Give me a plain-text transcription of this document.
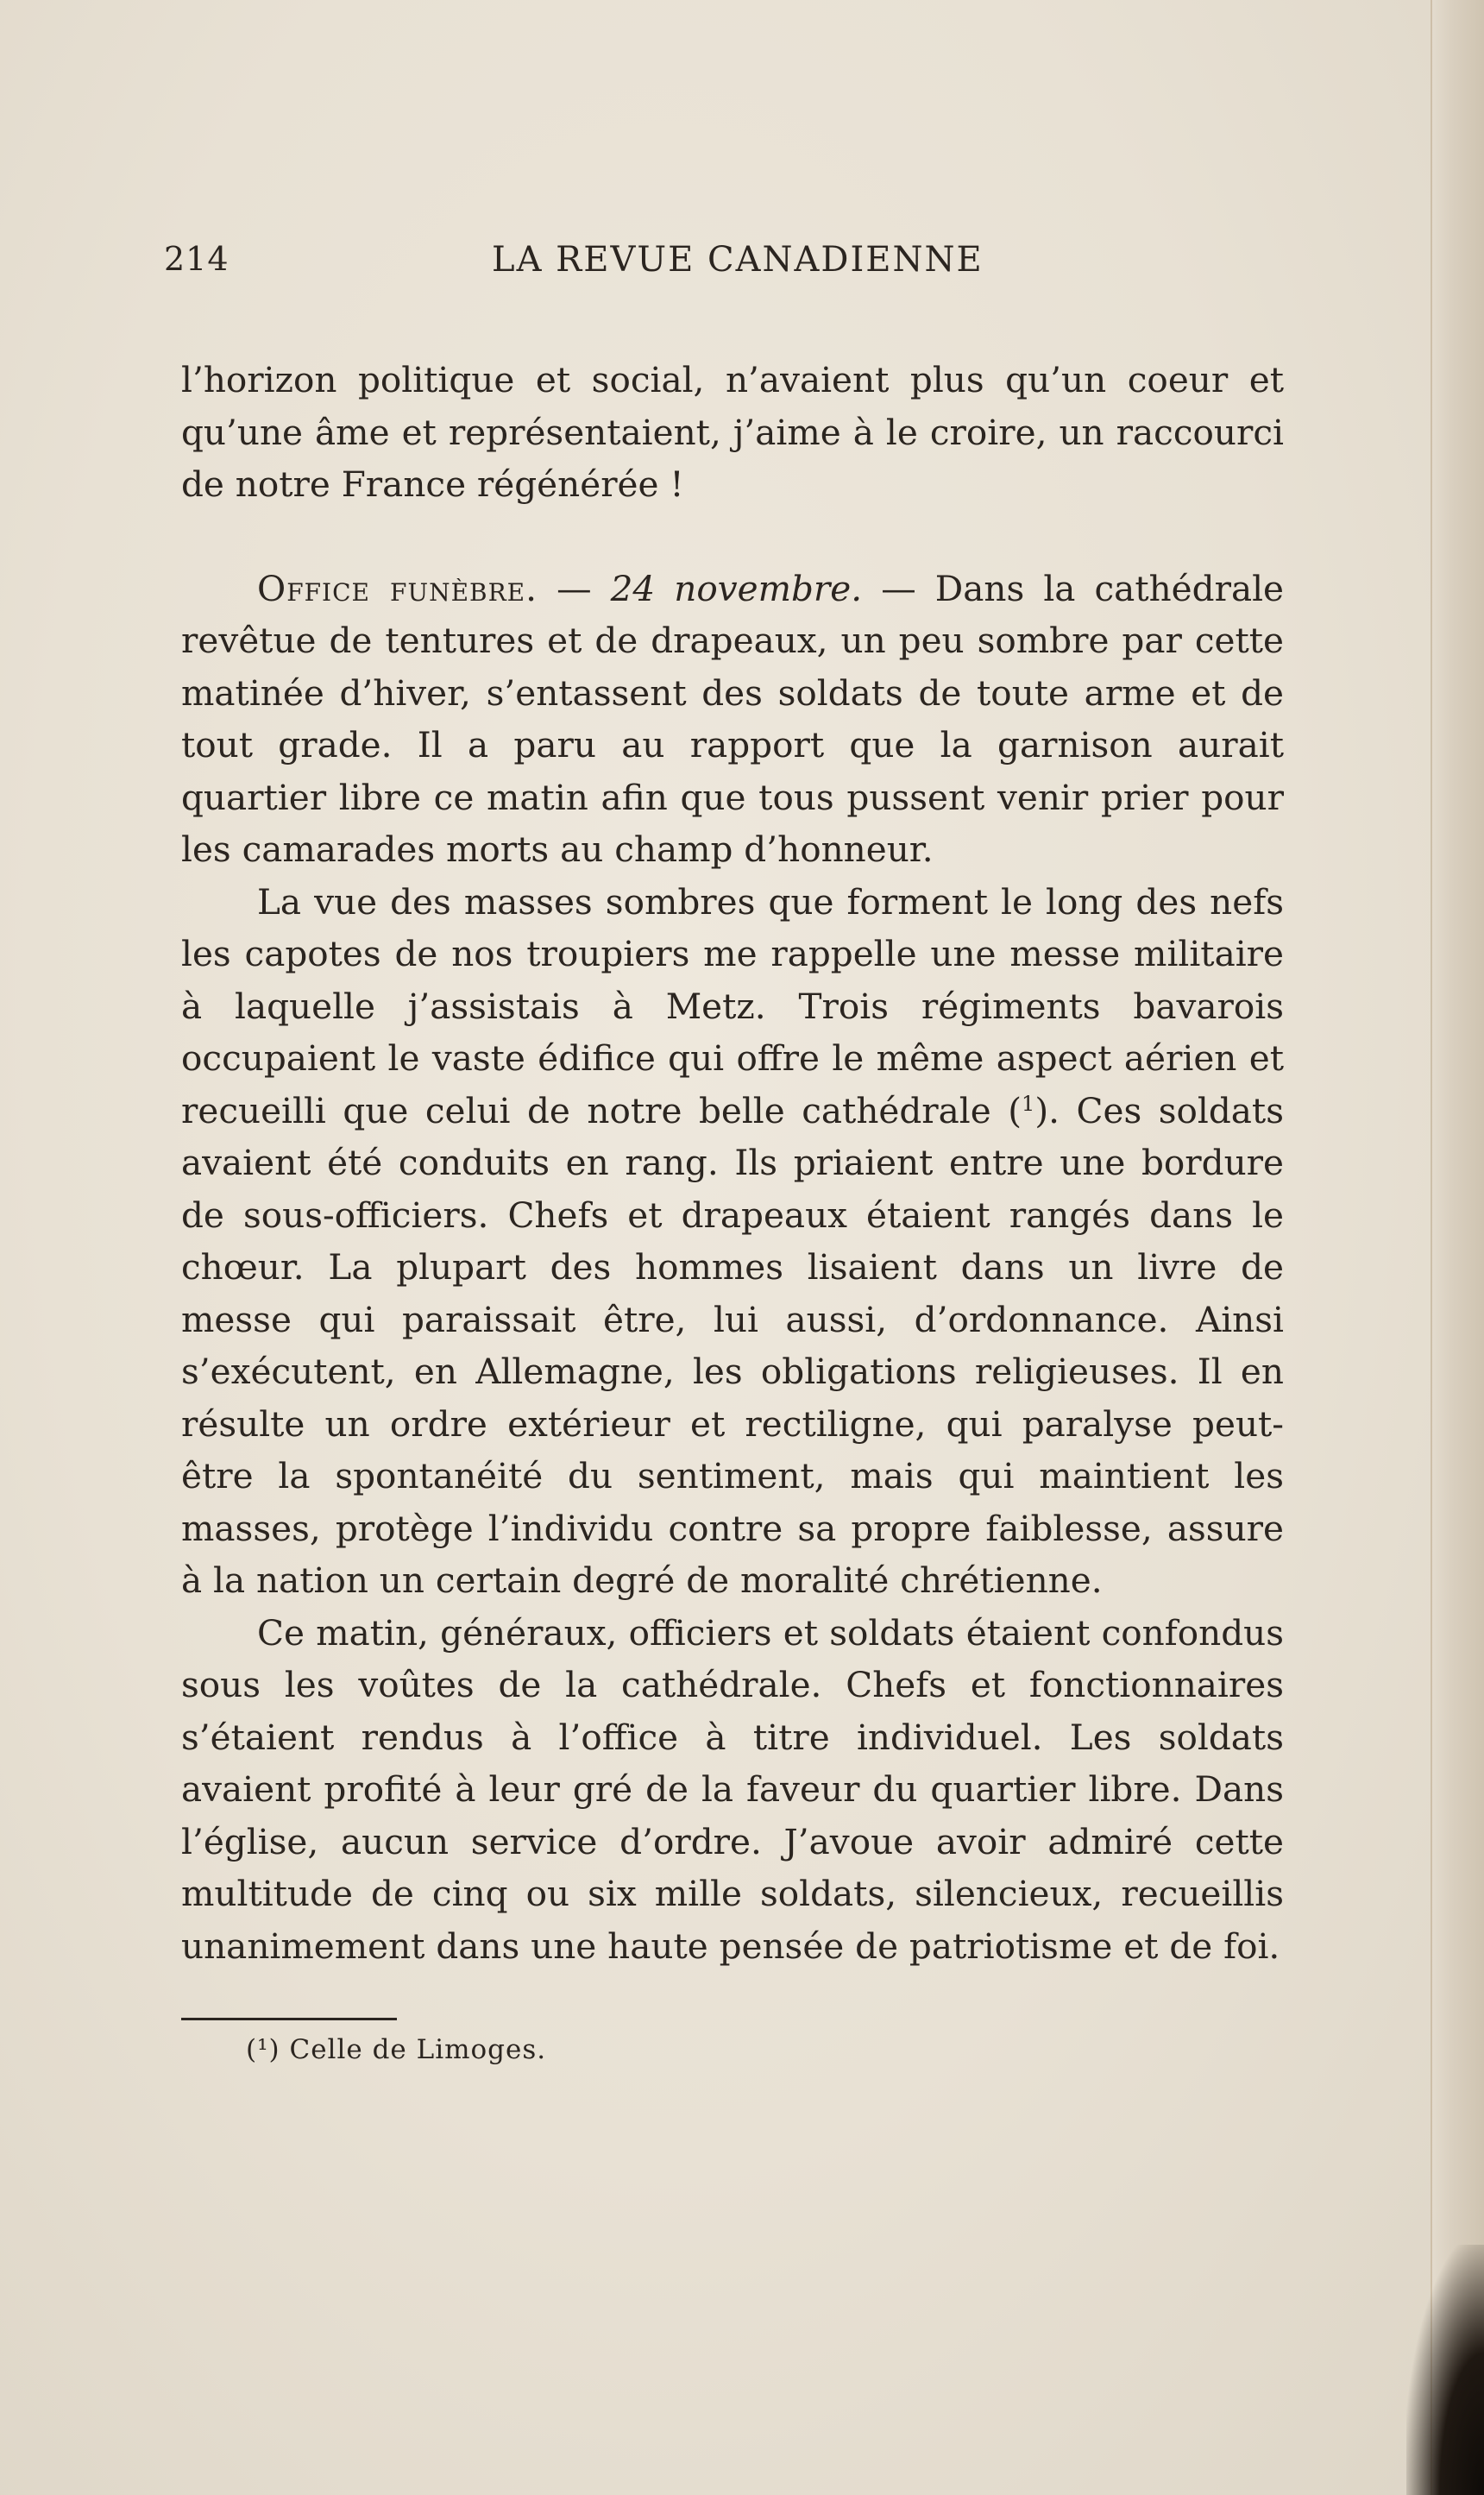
214	LA REVUE CANADIENNE

l’horizon politique et social, n’avaient plus qu’un coeur et qu’une âme et représentaient, j’aime à le croire, un raccourci de notre France régénérée !

Office funèbre. — 24 novembre. — Dans la cathédrale revêtue de tentures et de drapeaux, un peu sombre par cette matinée d’hiver, s’entassent des soldats de toute arme et de tout grade. Il a paru au rapport que la garnison aurait quartier libre ce matin afin que tous pussent venir prier pour les camarades morts au champ d’honneur.

La vue des masses sombres que forment le long des nefs les capotes de nos troupiers me rappelle une messe militaire à laquelle j’assistais à Metz. Trois régiments bavarois occupaient le vaste édifice qui offre le même aspect aérien et recueilli que celui de notre belle cathédrale ($^1$). Ces soldats avaient été conduits en rang. Ils priaient entre une bordure de sous-officiers. Chefs et drapeaux étaient rangés dans le chœur. La plupart des hommes lisaient dans un livre de messe qui paraissait être, lui aussi, d’ordonnance. Ainsi s’exécutent, en Allemagne, les obligations religieuses. Il en résulte un ordre extérieur et rectiligne, qui paralyse peut-être la spontanéité du sentiment, mais qui maintient les masses, protège l’individu contre sa propre faiblesse, assure à la nation un certain degré de moralité chrétienne.

Ce matin, généraux, officiers et soldats étaient confondus sous les voûtes de la cathédrale. Chefs et fonctionnaires s’étaient rendus à l’office à titre individuel. Les soldats avaient profité à leur gré de la faveur du quartier libre. Dans l’église, aucun service d’ordre. J’avoue avoir admiré cette multitude de cinq ou six mille soldats, silencieux, recueillis unanimement dans une haute pensée de patriotisme et de foi.

(¹) Celle de Limoges.
